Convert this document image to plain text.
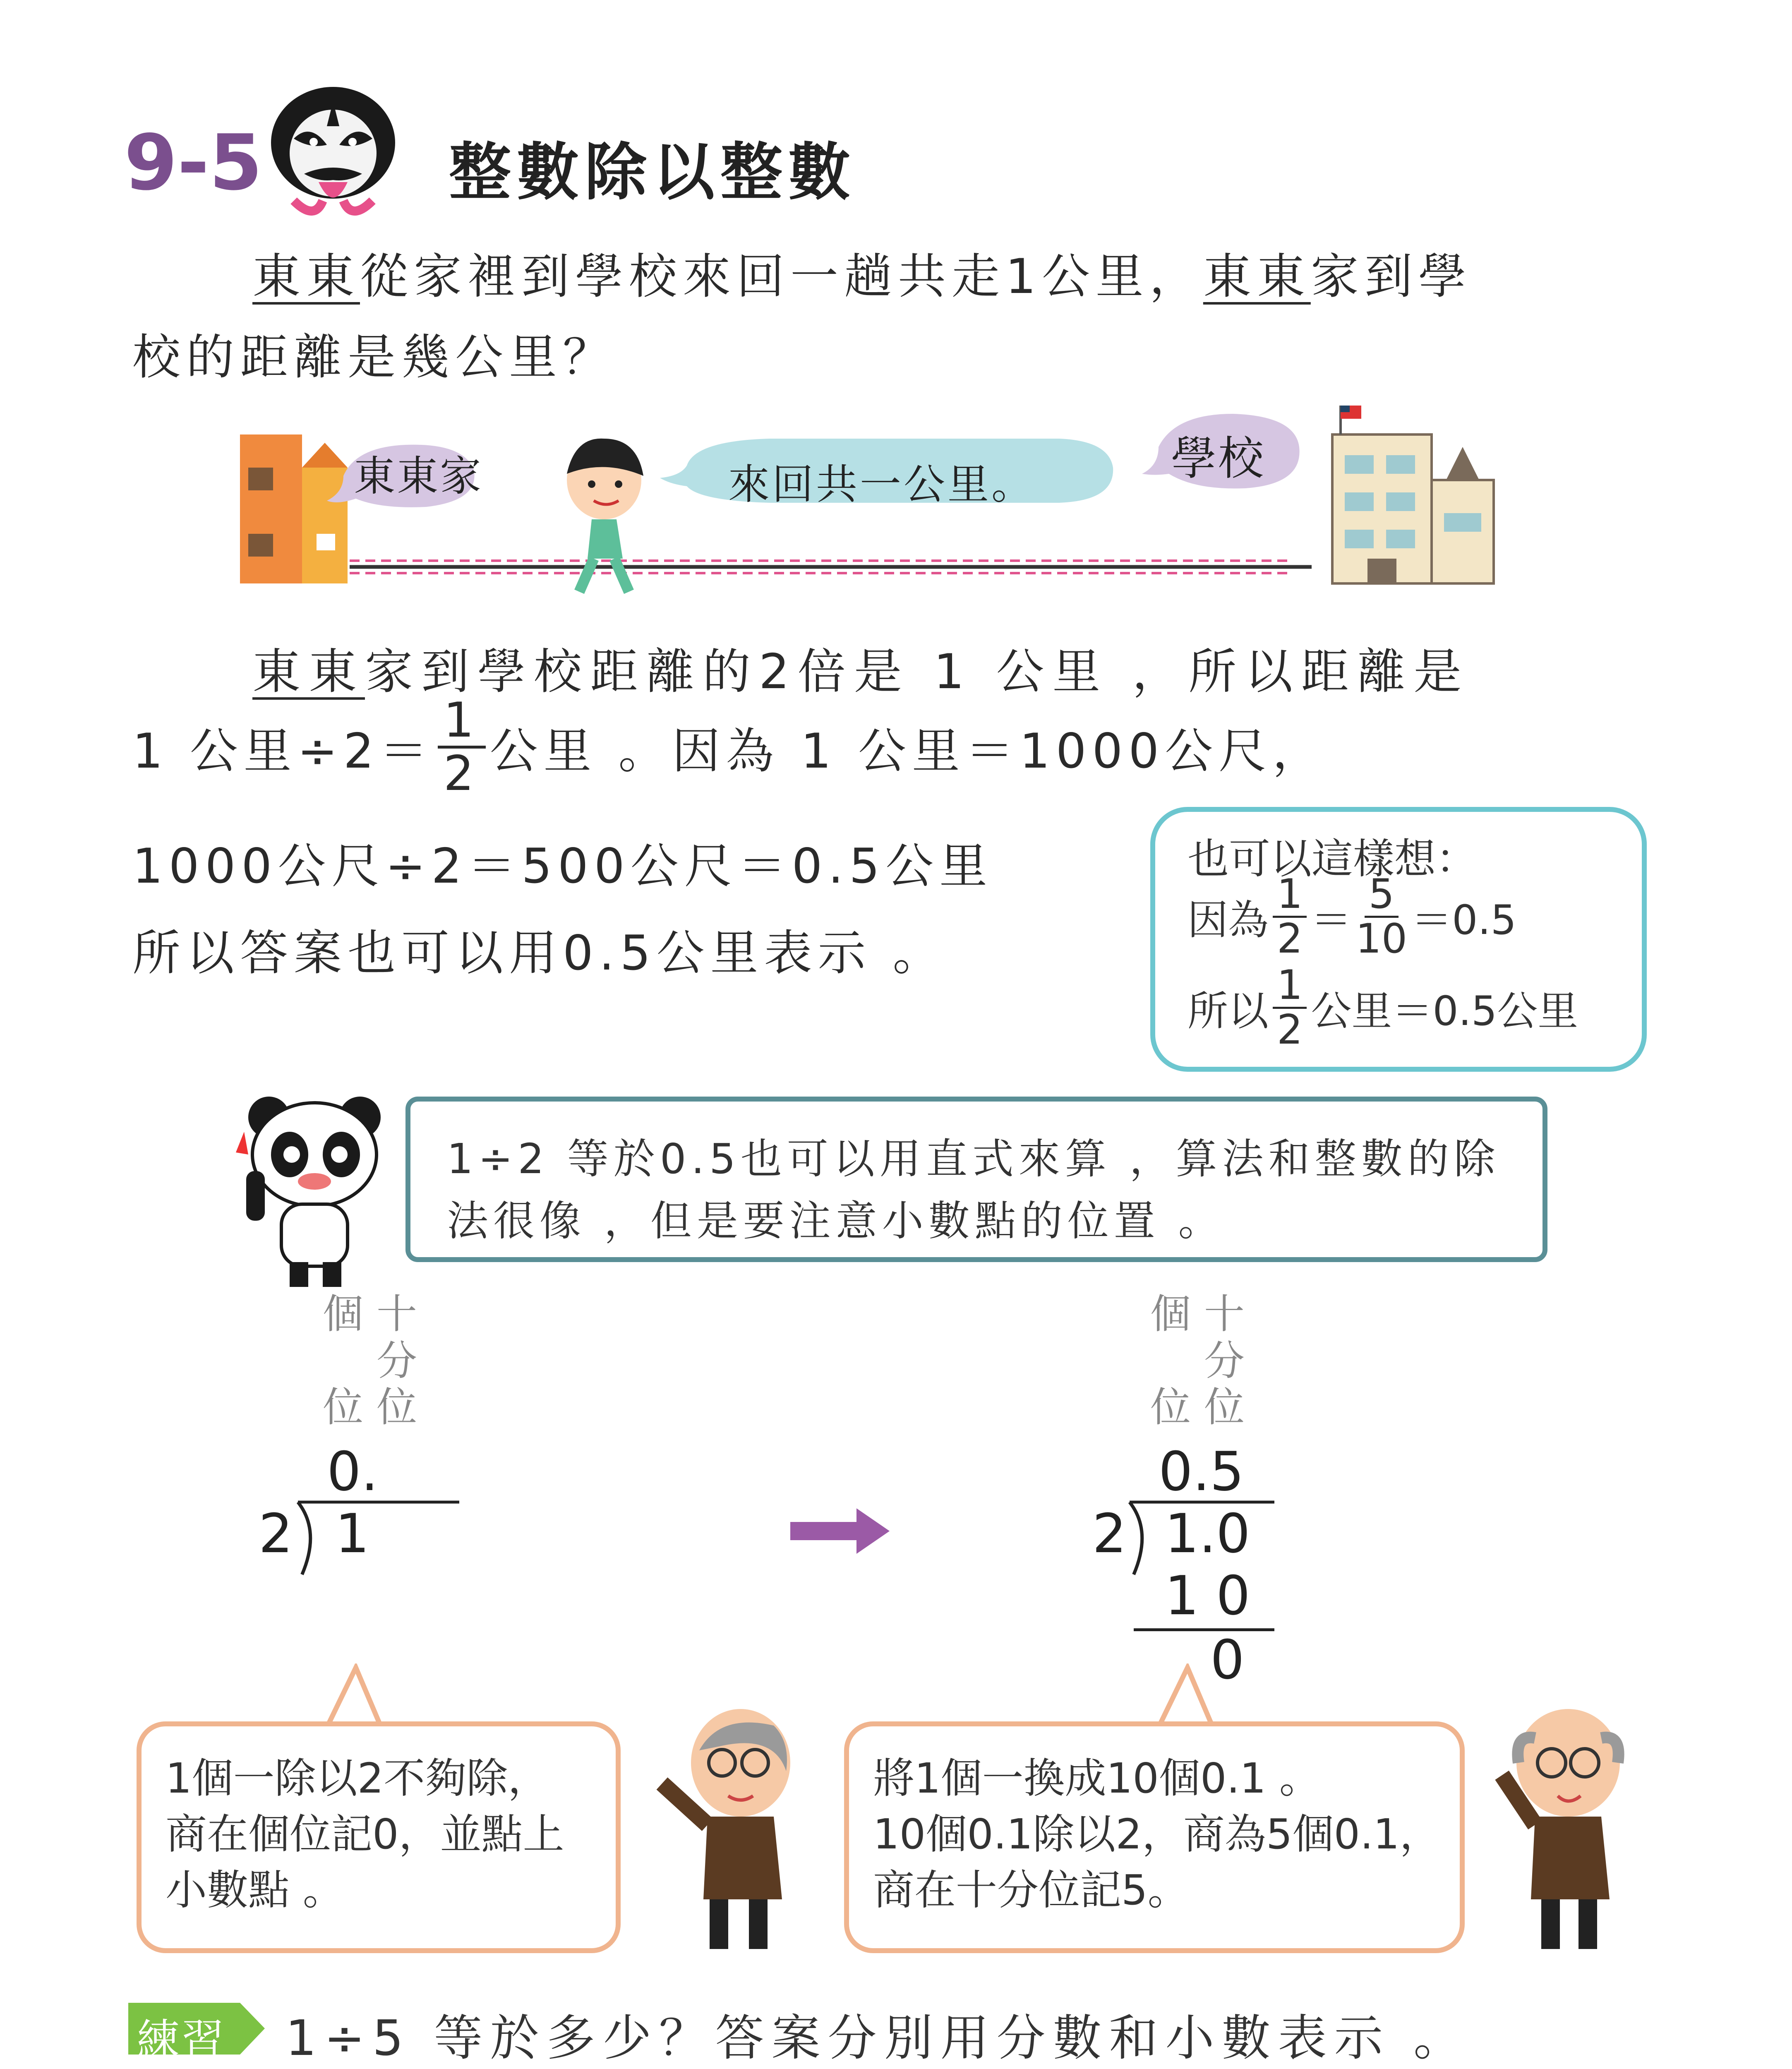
9-5	整數除以整數
東東從家裡到學校來回一趟共走1公里，東東家到學
校的距離是幾公里？
東東家	來回共一公里。	學校
東東家到學校距離的2倍是 1 公里 ，所以距離是
1 公里$\div 2= \frac{1}{2}$ 公里 。因為 1 公里＝1000公尺，
1000公尺÷2＝500公尺＝0.5公里
所以答案也可以用0.5公里表示 。
也可以這樣想：
因為 $\frac{1}{2} = \frac{5}{10} =0.5$
所以 $\frac{1}{2}$ 公里＝0.5公里
1÷2 等於0.5也可以用直式來算 ，算法和整數的除
法很像 ，但是要注意小數點的位置 。
個

位
十
分
位
0.
2 1
個

位
十
分
位
0.5
2 1.0
1 0
0
1個一除以2不夠除，
商在個位記0，並點上
小數點 。
將1個一換成10個0.1 。
10個0.1除以2，商為5個0.1，
商在十分位記5。
練習 1÷5 等於多少？答案分別用分數和小數表示 。
